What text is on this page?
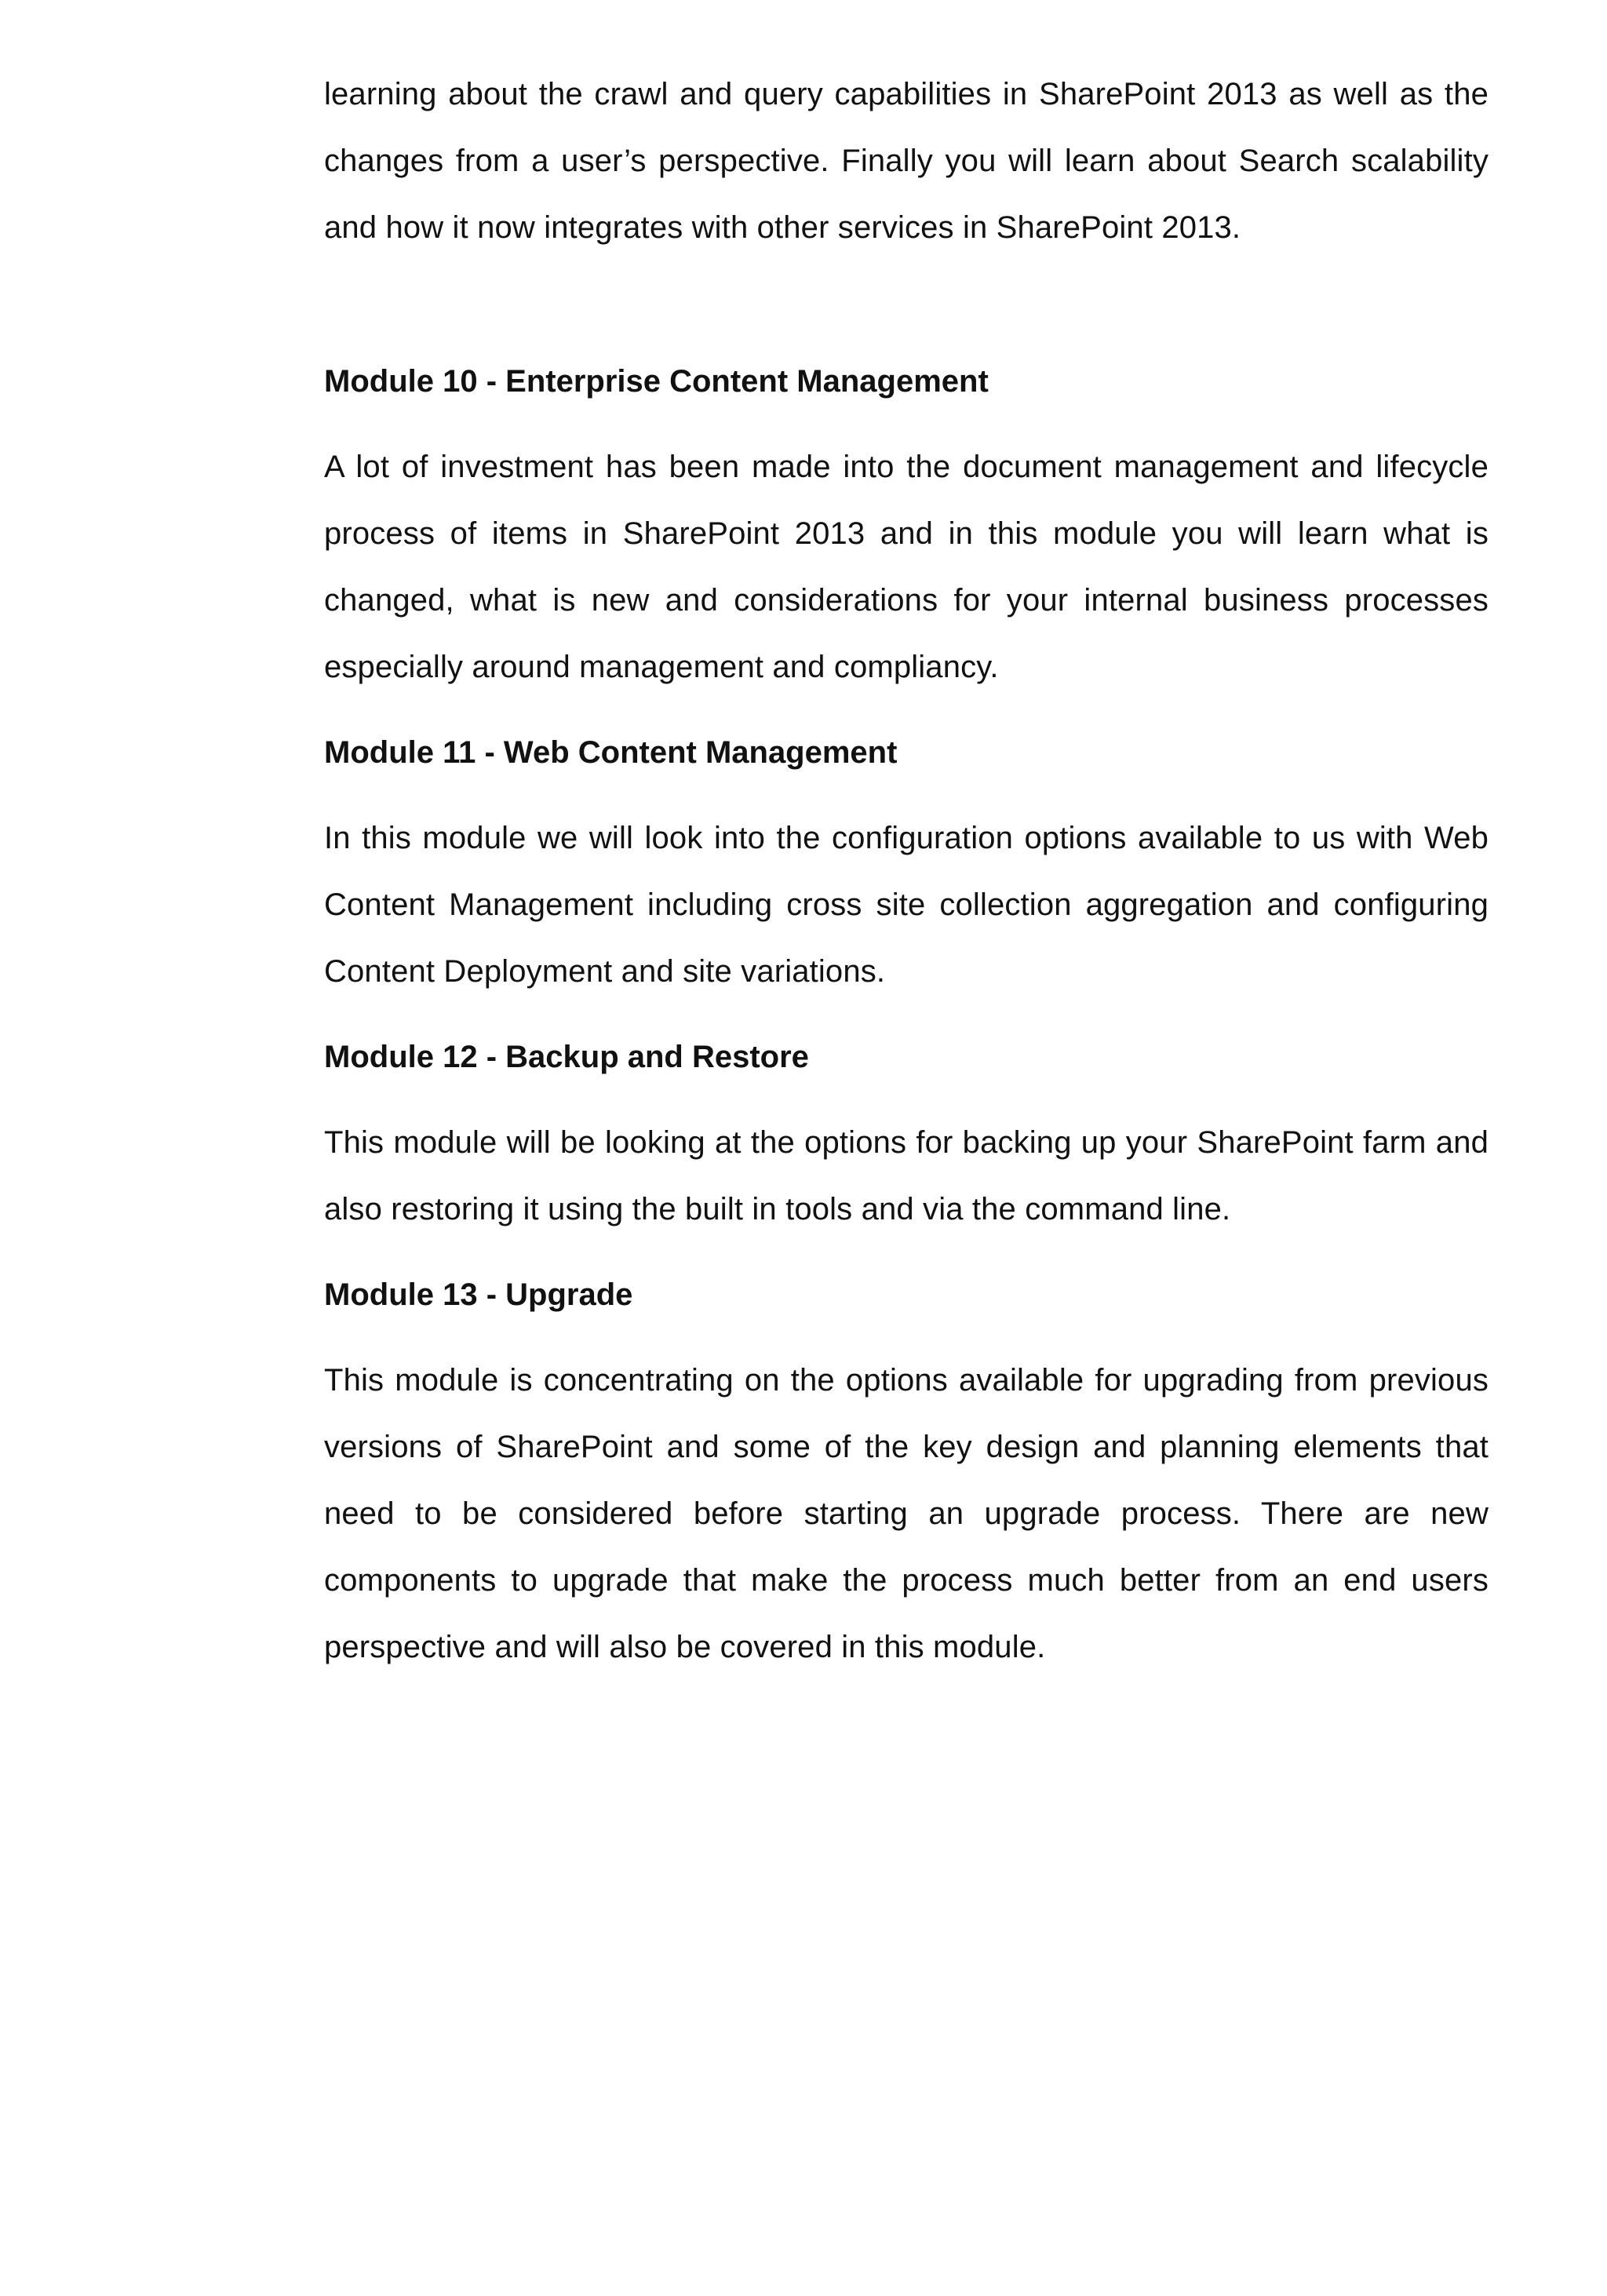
learning about the crawl and query capabilities in SharePoint 2013 as well as the changes from a user’s perspective. Finally you will learn about Search scalability and how it now integrates with other services in SharePoint 2013.

Module 10 - Enterprise Content Management

A lot of investment has been made into the document management and lifecycle process of items in SharePoint 2013 and in this module you will learn what is changed, what is new and considerations for your internal business processes especially around management and compliancy.

Module 11 - Web Content Management

In this module we will look into the configuration options available to us with Web Content Management including cross site collection aggregation and configuring Content Deployment and site variations.

Module 12 - Backup and Restore

This module will be looking at the options for backing up your SharePoint farm and also restoring it using the built in tools and via the command line.

Module 13 - Upgrade

This module is concentrating on the options available for upgrading from previous versions of SharePoint and some of the key design and planning elements that need to be considered before starting an upgrade process. There are new components to upgrade that make the process much better from an end users perspective and will also be covered in this module.
